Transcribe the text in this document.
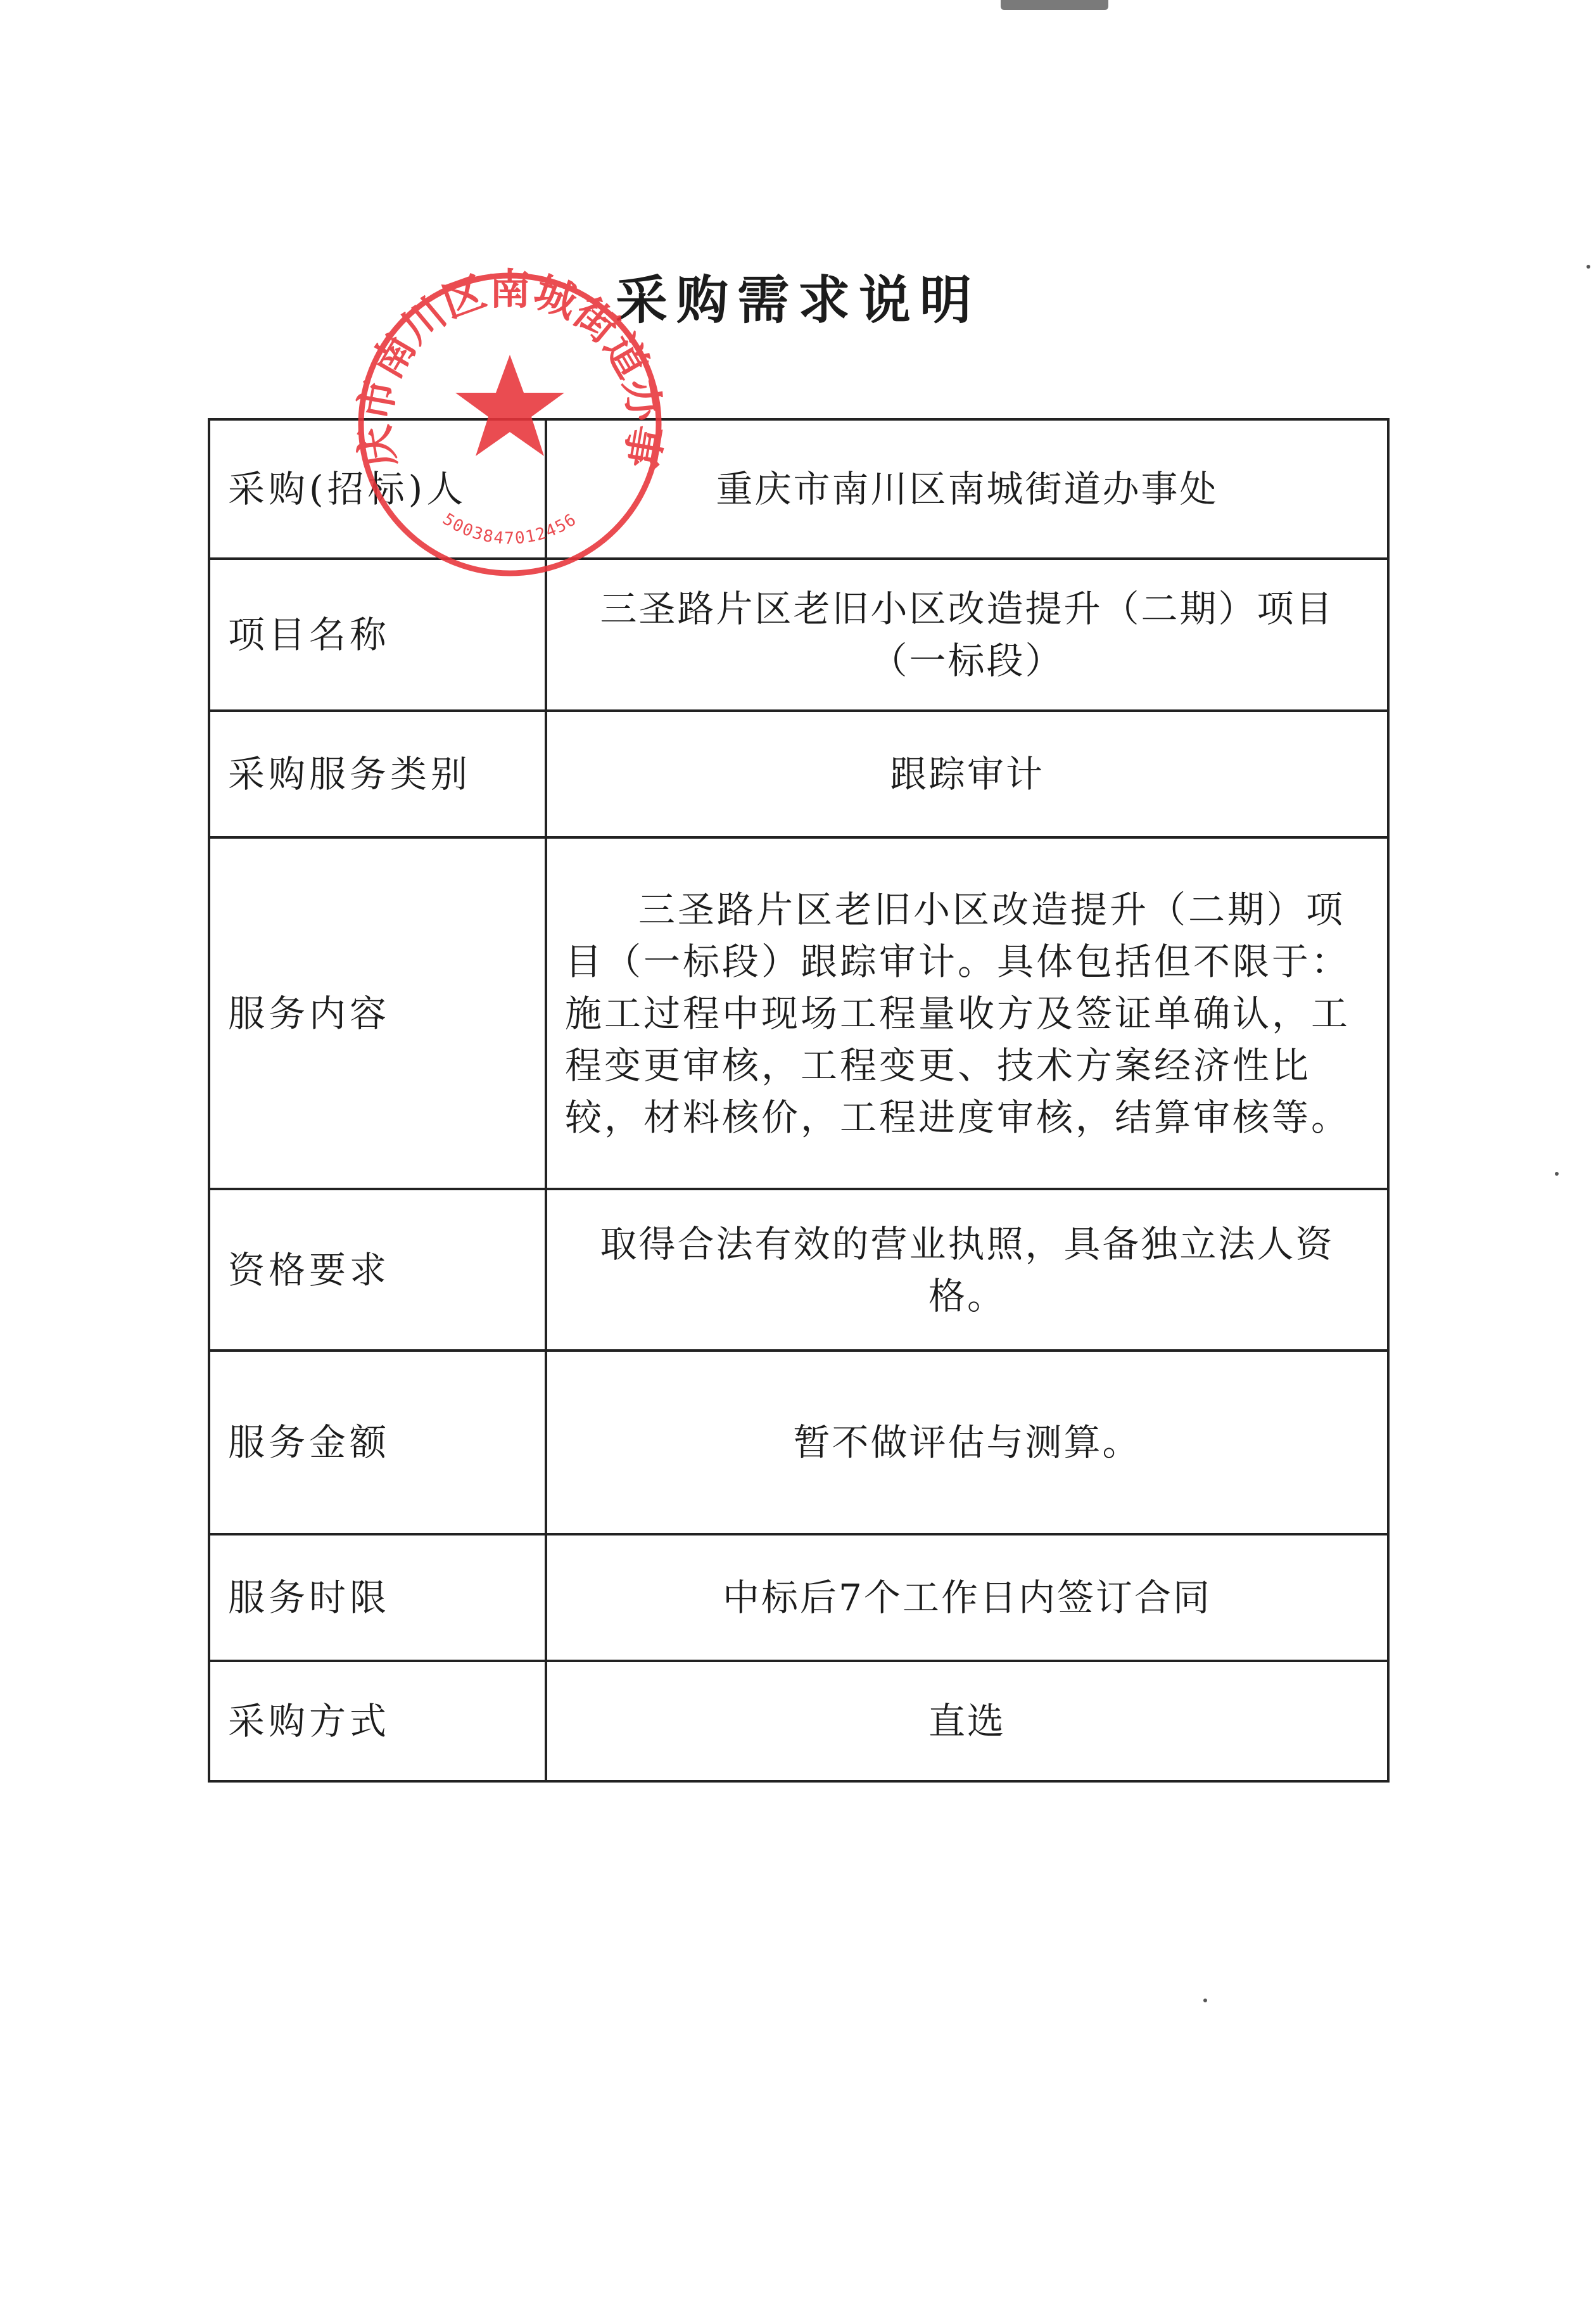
采购需求说明
采购(招标)人	重庆市南川区南城街道办事处
项目名称	三圣路片区老旧小区改造提升（二期）项目（一标段）
采购服务类别	跟踪审计
服务内容	三圣路片区老旧小区改造提升（二期）项目（一标段）跟踪审计。具体包括但不限于：施工过程中现场工程量收方及签证单确认，工程变更审核，工程变更、技术方案经济性比较，材料核价，工程进度审核，结算审核等。
资格要求	取得合法有效的营业执照，具备独立法人资格。
服务金额	暂不做评估与测算。
服务时限	中标后7个工作日内签订合同
采购方式	直选
庆市南川区南城街道办事
5003847012456
